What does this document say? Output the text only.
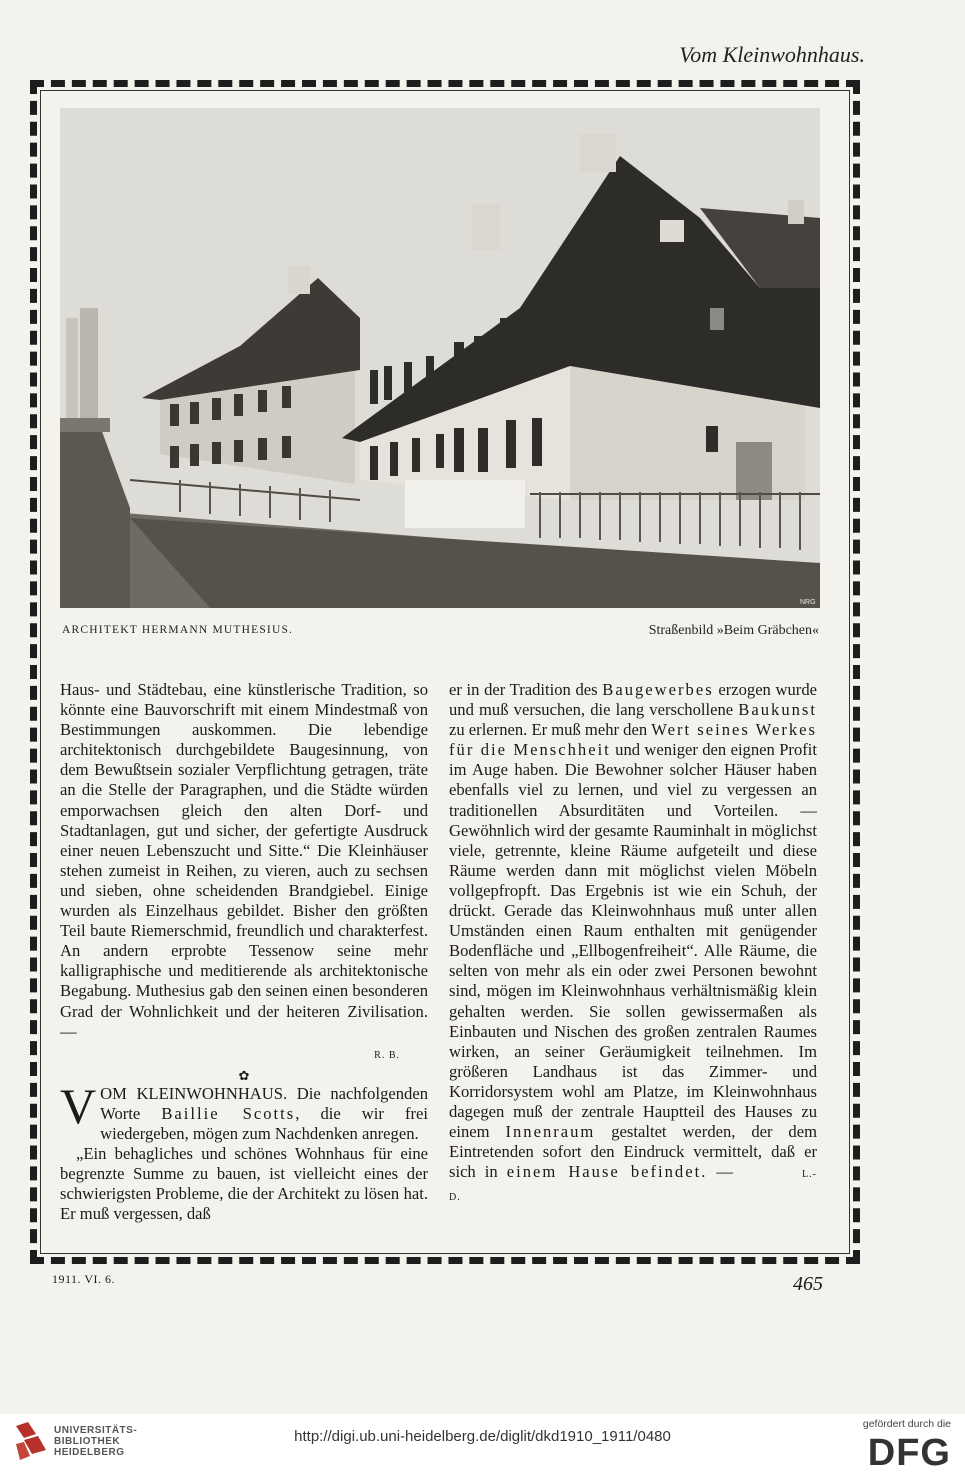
Vom Kleinwohnhaus.
NRG
ARCHITEKT HERMANN MUTHESIUS.	Straßenbild »Beim Gräbchen«

Haus- und Städtebau, eine künstlerische Tradition, so könnte eine Bauvorschrift mit einem Mindestmaß von Bestimmungen auskommen. Die lebendige architektonisch durchgebildete Baugesinnung, von dem Bewußtsein sozialer Verpflichtung getragen, träte an die Stelle der Paragraphen, und die Städte würden emporwachsen gleich den alten Dorf- und Stadtanlagen, gut und sicher, der gefertigte Ausdruck einer neuen Lebenszucht und Sitte.“ Die Kleinhäuser stehen zumeist in Reihen, zu vieren, auch zu sechsen und sieben, ohne scheidenden Brandgiebel. Einige wurden als Einzelhaus gebildet. Bisher den größten Teil baute Riemerschmid, freundlich und charakterfest. An andern erprobte Tessenow seine mehr kalligraphische und meditierende als architektonische Begabung. Muthesius gab den seinen einen besonderen Grad der Wohnlichkeit und der heiteren Zivilisation. —

R. B.
✿

VOM KLEINWOHNHAUS. Die nachfolgenden Worte Baillie Scotts, die wir frei wiedergeben, mögen zum Nachdenken anregen.

„Ein behagliches und schönes Wohnhaus für eine begrenzte Summe zu bauen, ist vielleicht eines der schwierigsten Probleme, die der Architekt zu lösen hat. Er muß vergessen, daß

er in der Tradition des Baugewerbes erzogen wurde und muß versuchen, die lang verschollene Baukunst zu erlernen. Er muß mehr den Wert seines Werkes für die Menschheit und weniger den eignen Profit im Auge haben. Die Bewohner solcher Häuser haben ebenfalls viel zu lernen, und viel zu vergessen an traditionellen Absurditäten und Vorteilen. — Gewöhnlich wird der gesamte Rauminhalt in möglichst viele, getrennte, kleine Räume aufgeteilt und diese Räume werden dann mit möglichst vielen Möbeln vollgepfropft. Das Ergebnis ist wie ein Schuh, der drückt. Gerade das Kleinwohnhaus muß unter allen Umständen einen Raum enthalten mit genügender Bodenfläche und „Ellbogenfreiheit“. Alle Räume, die selten von mehr als ein oder zwei Personen bewohnt sind, mögen im Kleinwohnhaus verhältnismäßig klein gehalten werden. Sie sollen gewissermaßen als Einbauten und Nischen des großen zentralen Raumes wirken, an seiner Geräumigkeit teilnehmen. Im größeren Landhaus ist das Zimmer- und Korridorsystem wohl am Platze, im Kleinwohnhaus dagegen muß der zentrale Hauptteil des Hauses zu einem Innenraum gestaltet werden, der dem Eintretenden sofort den Eindruck vermittelt, daß er sich in einem Hause befindet. —	L.-D.

1911. VI. 6.	465
UNIVERSITÄTS-
BIBLIOTHEK
HEIDELBERG
http://digi.ub.uni-heidelberg.de/diglit/dkd1910_1911/0480
gefördert durch die
DFG
